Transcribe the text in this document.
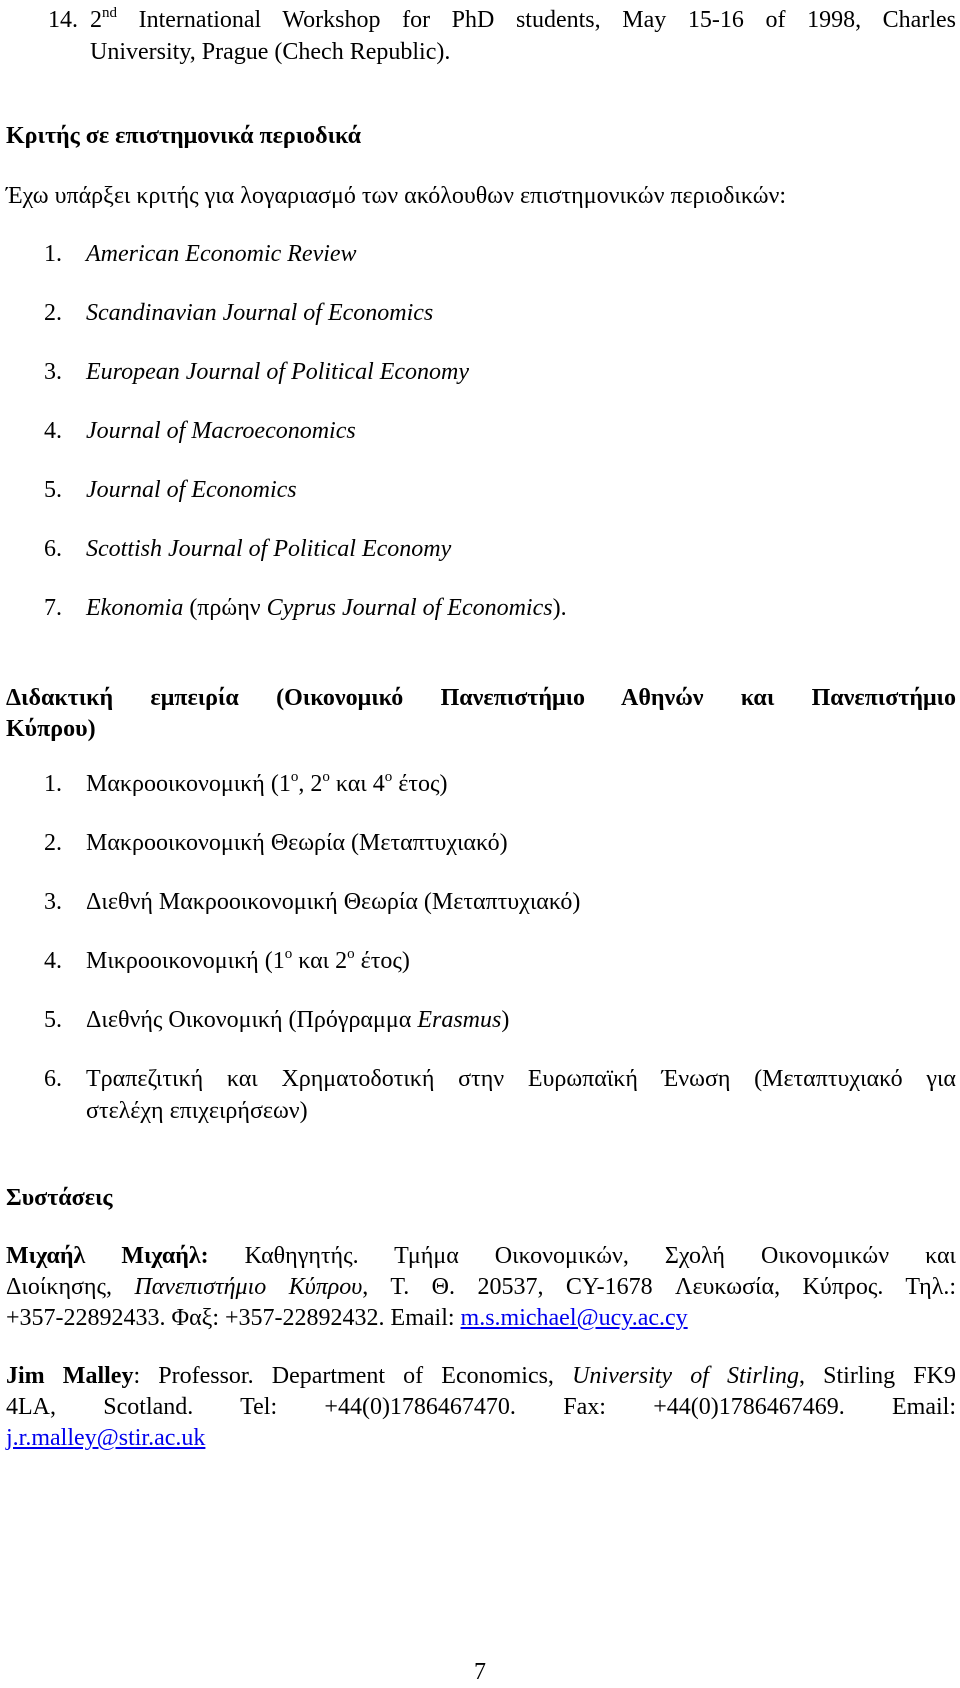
14. 2nd International Workshop for PhD students, May 15-16 of 1998, Charles
University, Prague (Chech Republic).
Κριτής σε επιστημονικά περιοδικά
Έχω υπάρξει κριτής για λογαριασμό των ακόλουθων επιστημονικών περιοδικών:
1.	American Economic Review
2.	Scandinavian Journal of Economics
3.	European Journal of Political Economy
4.	Journal of Macroeconomics
5.	Journal of Economics
6.	Scottish Journal of Political Economy
7.	Ekonomia (πρώην Cyprus Journal of Economics).
Διδακτική εμπειρία (Οικονομικό Πανεπιστήμιο Αθηνών και Πανεπιστήμιο
Κύπρου)
1.	Μακροοικονομική ($1^o$, $2^o$ και $4^o$ έτος)
2.	Μακροοικονομική Θεωρία (Μεταπτυχιακό)
3.	Διεθνή Μακροοικονομική Θεωρία (Μεταπτυχιακό)
4.	Μικροοικονομική ($1^o$ και $2^o$ έτος)
5.	Διεθνής Οικονομική (Πρόγραμμα Erasmus)
6.	Τραπεζιτική και Χρηματοδοτική στην Ευρωπαϊκή Ένωση (Μεταπτυχιακό για
στελέχη επιχειρήσεων)
Συστάσεις
Μιχαήλ Μιχαήλ: Καθηγητής. Τμήμα Οικονομικών, Σχολή Οικονομικών και
Διοίκησης, Πανεπιστήμιο Κύπρου, Τ. Θ. 20537, CY-1678 Λευκωσία, Κύπρος. Τηλ.:
+357-22892433. Φαξ: +357-22892432. Email: m.s.michael@ucy.ac.cy
Jim Malley: Professor. Department of Economics, University of Stirling, Stirling FK9
4LA, Scotland. Tel: +44(0)1786467470. Fax: +44(0)1786467469. Email:
j.r.malley@stir.ac.uk
7
